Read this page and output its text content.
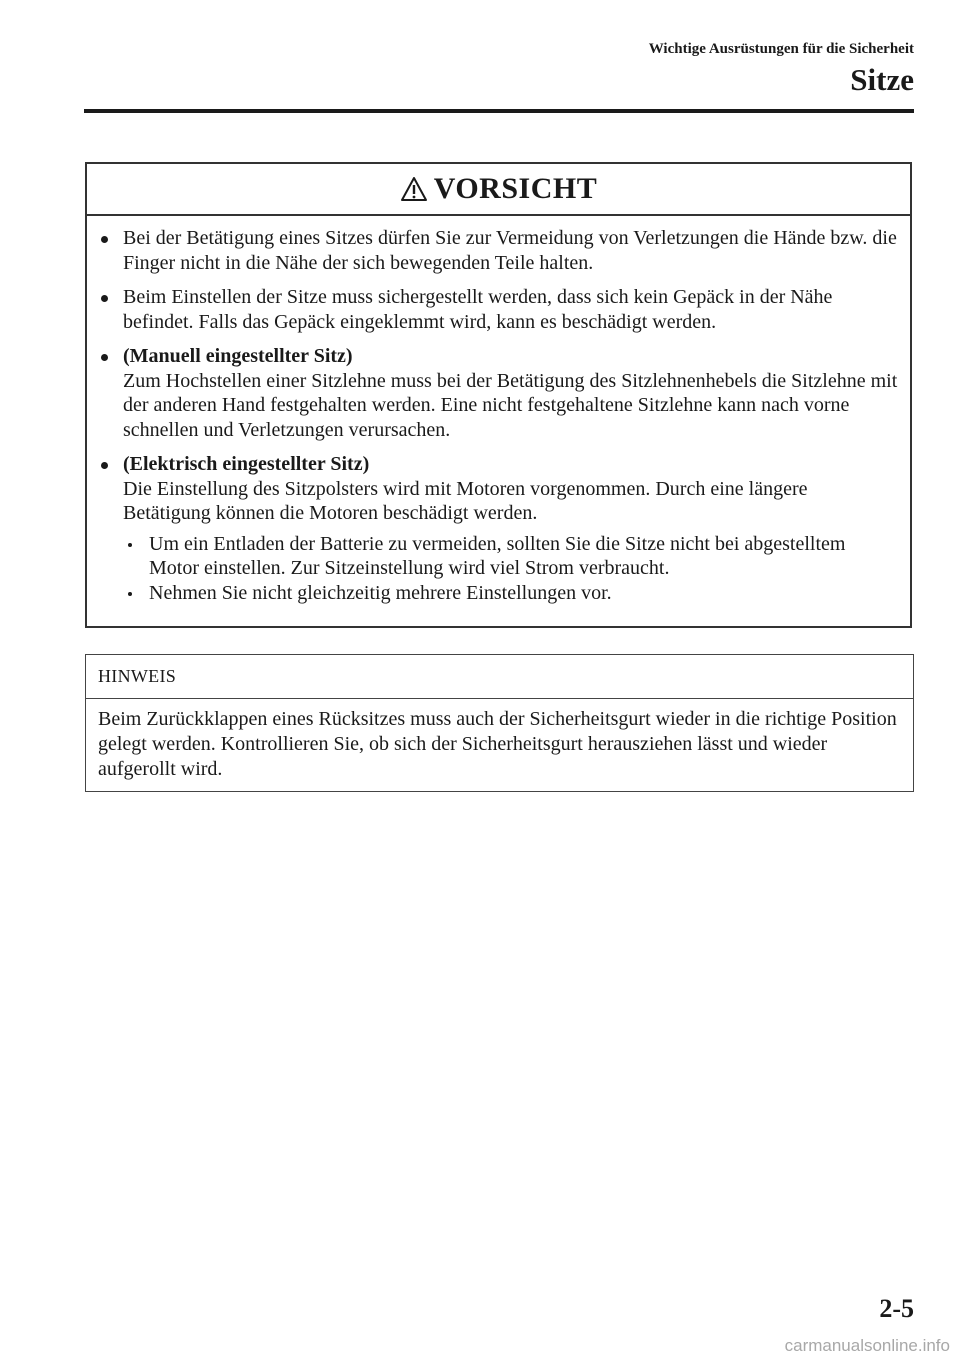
Wichtige Ausrüstungen für die Sicherheit
Sitze
VORSICHT
Bei der Betätigung eines Sitzes dürfen Sie zur Vermeidung von Verletzungen die Hände bzw. die Finger nicht in die Nähe der sich bewegenden Teile halten.
Beim Einstellen der Sitze muss sichergestellt werden, dass sich kein Gepäck in der Nähe befindet. Falls das Gepäck eingeklemmt wird, kann es beschädigt werden.
(Manuell eingestellter Sitz)
Zum Hochstellen einer Sitzlehne muss bei der Betätigung des Sitzlehnenhebels die Sitzlehne mit der anderen Hand festgehalten werden. Eine nicht festgehaltene Sitzlehne kann nach vorne schnellen und Verletzungen verursachen.
(Elektrisch eingestellter Sitz)
Die Einstellung des Sitzpolsters wird mit Motoren vorgenommen. Durch eine längere Betätigung können die Motoren beschädigt werden.
Um ein Entladen der Batterie zu vermeiden, sollten Sie die Sitze nicht bei abgestelltem Motor einstellen. Zur Sitzeinstellung wird viel Strom verbraucht.
Nehmen Sie nicht gleichzeitig mehrere Einstellungen vor.
HINWEIS
Beim Zurückklappen eines Rücksitzes muss auch der Sicherheitsgurt wieder in die richtige Position gelegt werden. Kontrollieren Sie, ob sich der Sicherheitsgurt herausziehen lässt und wieder aufgerollt wird.
2-5
carmanualsonline.info
